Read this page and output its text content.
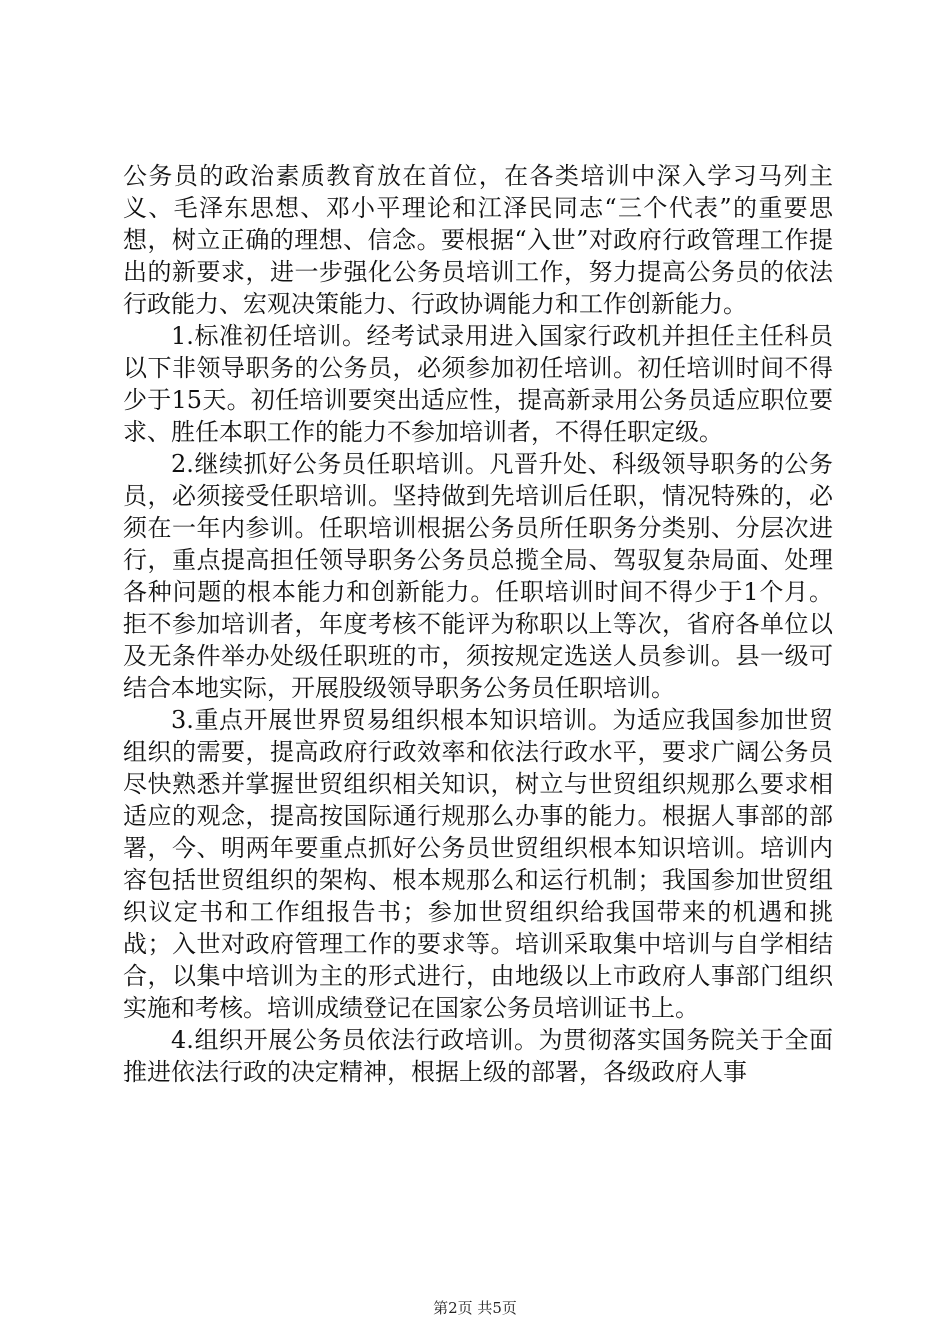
公务员的政治素质教育放在首位，在各类培训中深入学习马列主义、毛泽东思想、邓小平理论和江泽民同志“三个代表”的重要思想，树立正确的理想、信念。要根据“入世”对政府行政管理工作提出的新要求，进一步强化公务员培训工作，努力提高公务员的依法行政能力、宏观决策能力、行政协调能力和工作创新能力。

1.标准初任培训。经考试录用进入国家行政机并担任主任科员以下非领导职务的公务员，必须参加初任培训。初任培训时间不得少于15天。初任培训要突出适应性，提高新录用公务员适应职位要求、胜任本职工作的能力不参加培训者，不得任职定级。

2.继续抓好公务员任职培训。凡晋升处、科级领导职务的公务员，必须接受任职培训。坚持做到先培训后任职，情况特殊的，必须在一年内参训。任职培训根据公务员所任职务分类别、分层次进行，重点提高担任领导职务公务员总揽全局、驾驭复杂局面、处理各种问题的根本能力和创新能力。任职培训时间不得少于1个月。拒不参加培训者，年度考核不能评为称职以上等次，省府各单位以及无条件举办处级任职班的市，须按规定选送人员参训。县一级可结合本地实际，开展股级领导职务公务员任职培训。

3.重点开展世界贸易组织根本知识培训。为适应我国参加世贸组织的需要，提高政府行政效率和依法行政水平，要求广阔公务员尽快熟悉并掌握世贸组织相关知识，树立与世贸组织规那么要求相适应的观念，提高按国际通行规那么办事的能力。根据人事部的部署，今、明两年要重点抓好公务员世贸组织根本知识培训。培训内容包括世贸组织的架构、根本规那么和运行机制；我国参加世贸组织议定书和工作组报告书；参加世贸组织给我国带来的机遇和挑战；入世对政府管理工作的要求等。培训采取集中培训与自学相结合，以集中培训为主的形式进行，由地级以上市政府人事部门组织实施和考核。培训成绩登记在国家公务员培训证书上。

4.组织开展公务员依法行政培训。为贯彻落实国务院关于全面推进依法行政的决定精神，根据上级的部署，各级政府人事

第2页 共5页
